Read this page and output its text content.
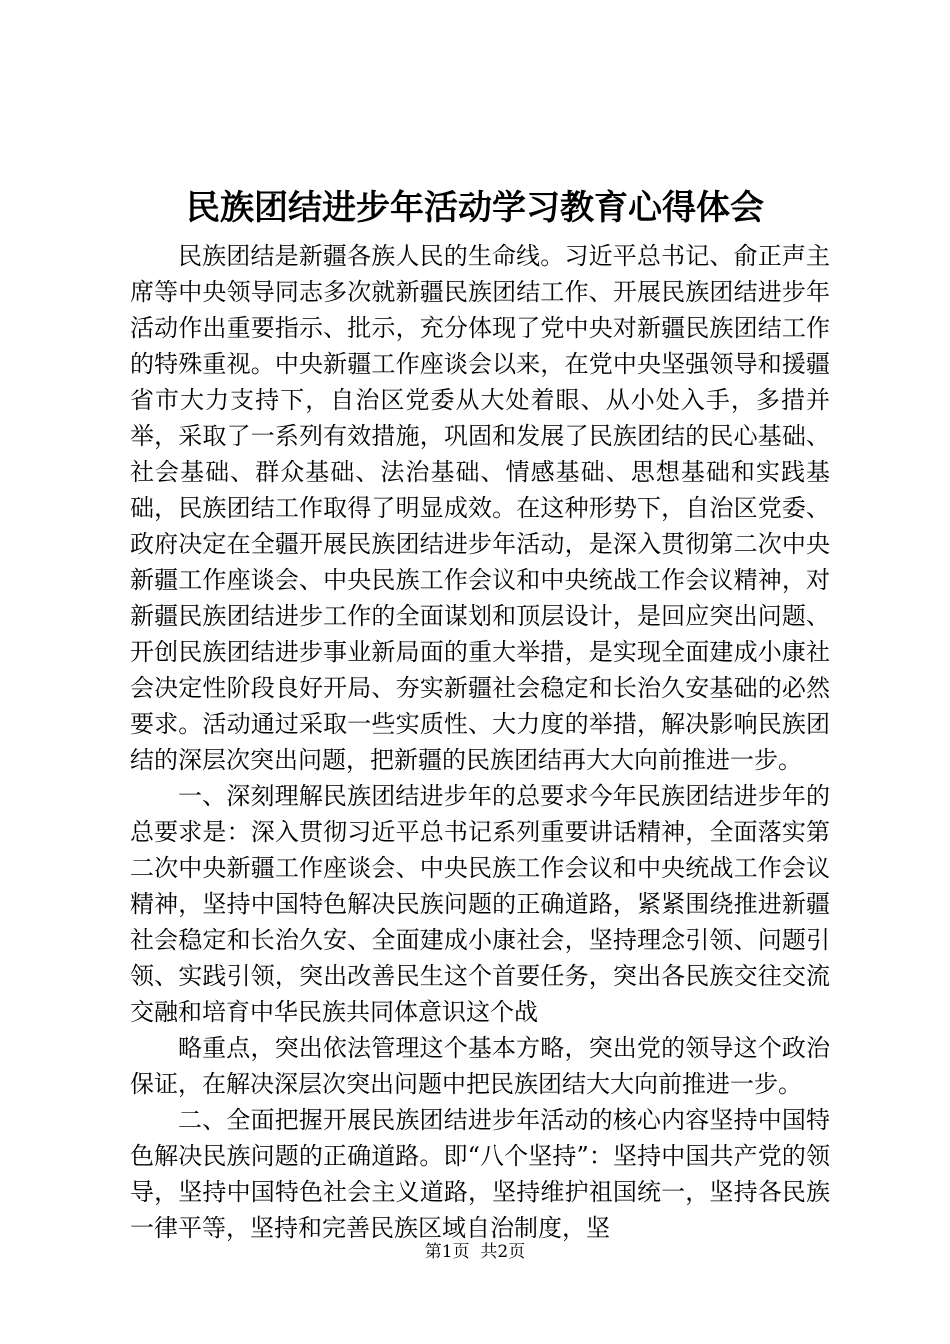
民族团结进步年活动学习教育心得体会

民族团结是新疆各族人民的生命线。习近平总书记、俞正声主席等中央领导同志多次就新疆民族团结工作、开展民族团结进步年活动作出重要指示、批示，充分体现了党中央对新疆民族团结工作的特殊重视。中央新疆工作座谈会以来，在党中央坚强领导和援疆省市大力支持下，自治区党委从大处着眼、从小处入手，多措并举，采取了一系列有效措施，巩固和发展了民族团结的民心基础、社会基础、群众基础、法治基础、情感基础、思想基础和实践基础，民族团结工作取得了明显成效。在这种形势下，自治区党委、政府决定在全疆开展民族团结进步年活动，是深入贯彻第二次中央新疆工作座谈会、中央民族工作会议和中央统战工作会议精神，对新疆民族团结进步工作的全面谋划和顶层设计，是回应突出问题、开创民族团结进步事业新局面的重大举措，是实现全面建成小康社会决定性阶段良好开局、夯实新疆社会稳定和长治久安基础的必然要求。活动通过采取一些实质性、大力度的举措，解决影响民族团结的深层次突出问题，把新疆的民族团结再大大向前推进一步。

一、深刻理解民族团结进步年的总要求今年民族团结进步年的总要求是：深入贯彻习近平总书记系列重要讲话精神，全面落实第二次中央新疆工作座谈会、中央民族工作会议和中央统战工作会议精神，坚持中国特色解决民族问题的正确道路，紧紧围绕推进新疆社会稳定和长治久安、全面建成小康社会，坚持理念引领、问题引领、实践引领，突出改善民生这个首要任务，突出各民族交往交流交融和培育中华民族共同体意识这个战

略重点，突出依法管理这个基本方略，突出党的领导这个政治保证，在解决深层次突出问题中把民族团结大大向前推进一步。

二、全面把握开展民族团结进步年活动的核心内容坚持中国特色解决民族问题的正确道路。即“八个坚持”：坚持中国共产党的领导，坚持中国特色社会主义道路，坚持维护祖国统一，坚持各民族一律平等，坚持和完善民族区域自治制度，坚

第1页  共2页
